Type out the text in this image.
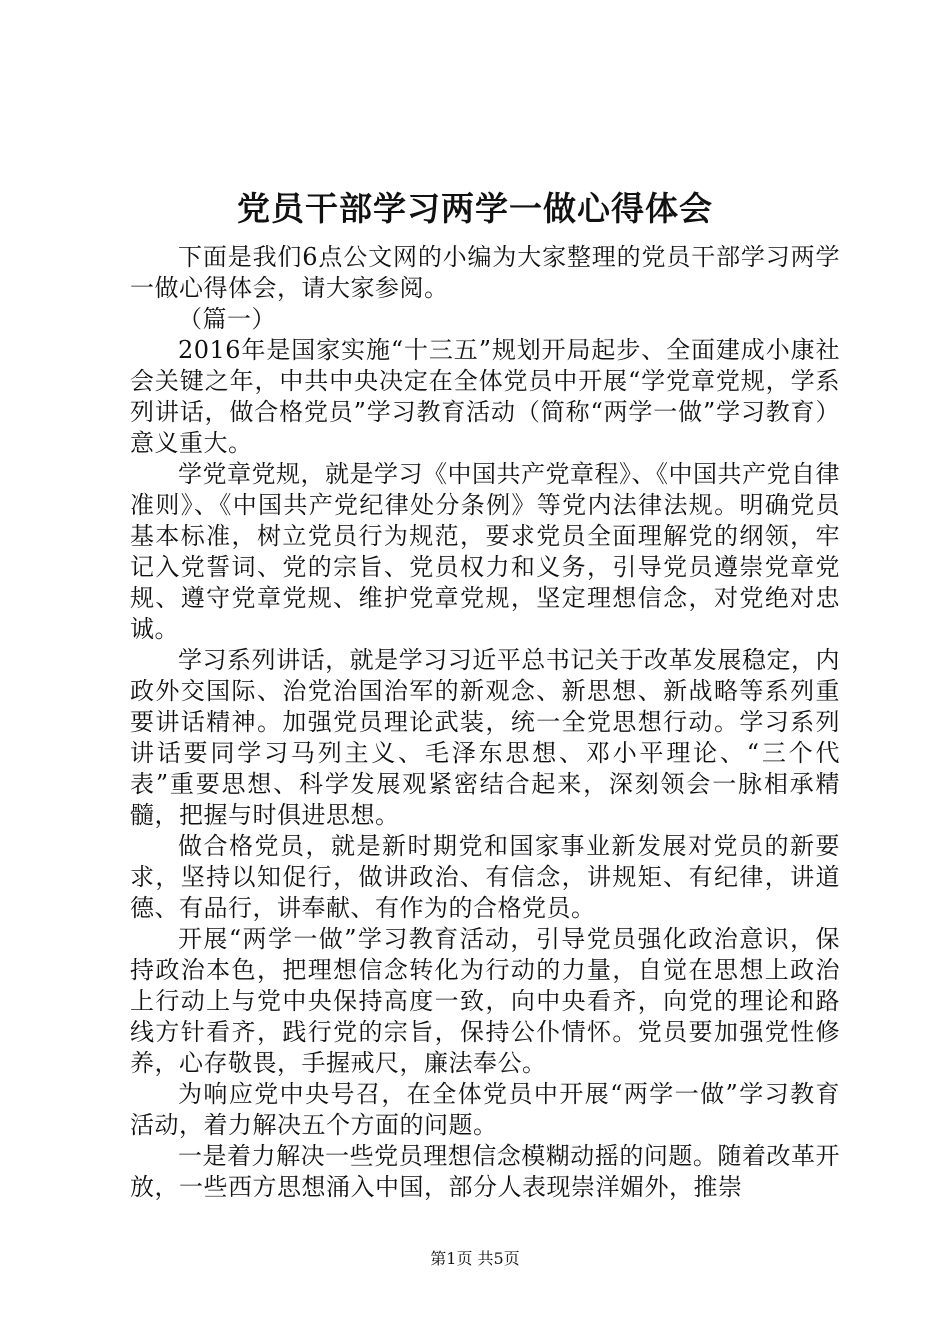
党员干部学习两学一做心得体会

下面是我们6点公文网的小编为大家整理的党员干部学习两学一做心得体会，请大家参阅。

（篇一）

2016年是国家实施“十三五”规划开局起步、全面建成小康社会关键之年，中共中央决定在全体党员中开展“学党章党规，学系列讲话，做合格党员”学习教育活动（简称“两学一做”学习教育）意义重大。

学党章党规，就是学习《中国共产党章程》、《中国共产党自律准则》、《中国共产党纪律处分条例》等党内法律法规。明确党员基本标准，树立党员行为规范，要求党员全面理解党的纲领，牢记入党誓词、党的宗旨、党员权力和义务，引导党员遵崇党章党规、遵守党章党规、维护党章党规，坚定理想信念，对党绝对忠诚。

学习系列讲话，就是学习习近平总书记关于改革发展稳定，内政外交国际、治党治国治军的新观念、新思想、新战略等系列重要讲话精神。加强党员理论武装，统一全党思想行动。学习系列讲话要同学习马列主义、毛泽东思想、邓小平理论、“三个代表”重要思想、科学发展观紧密结合起来，深刻领会一脉相承精髓，把握与时俱进思想。

做合格党员，就是新时期党和国家事业新发展对党员的新要求，坚持以知促行，做讲政治、有信念，讲规矩、有纪律，讲道德、有品行，讲奉献、有作为的合格党员。

开展“两学一做”学习教育活动，引导党员强化政治意识，保持政治本色，把理想信念转化为行动的力量，自觉在思想上政治上行动上与党中央保持高度一致，向中央看齐，向党的理论和路线方针看齐，践行党的宗旨，保持公仆情怀。党员要加强党性修养，心存敬畏，手握戒尺，廉法奉公。

为响应党中央号召，在全体党员中开展“两学一做”学习教育活动，着力解决五个方面的问题。

一是着力解决一些党员理想信念模糊动摇的问题。随着改革开放，一些西方思想涌入中国，部分人表现崇洋媚外，推崇

第1页 共5页
